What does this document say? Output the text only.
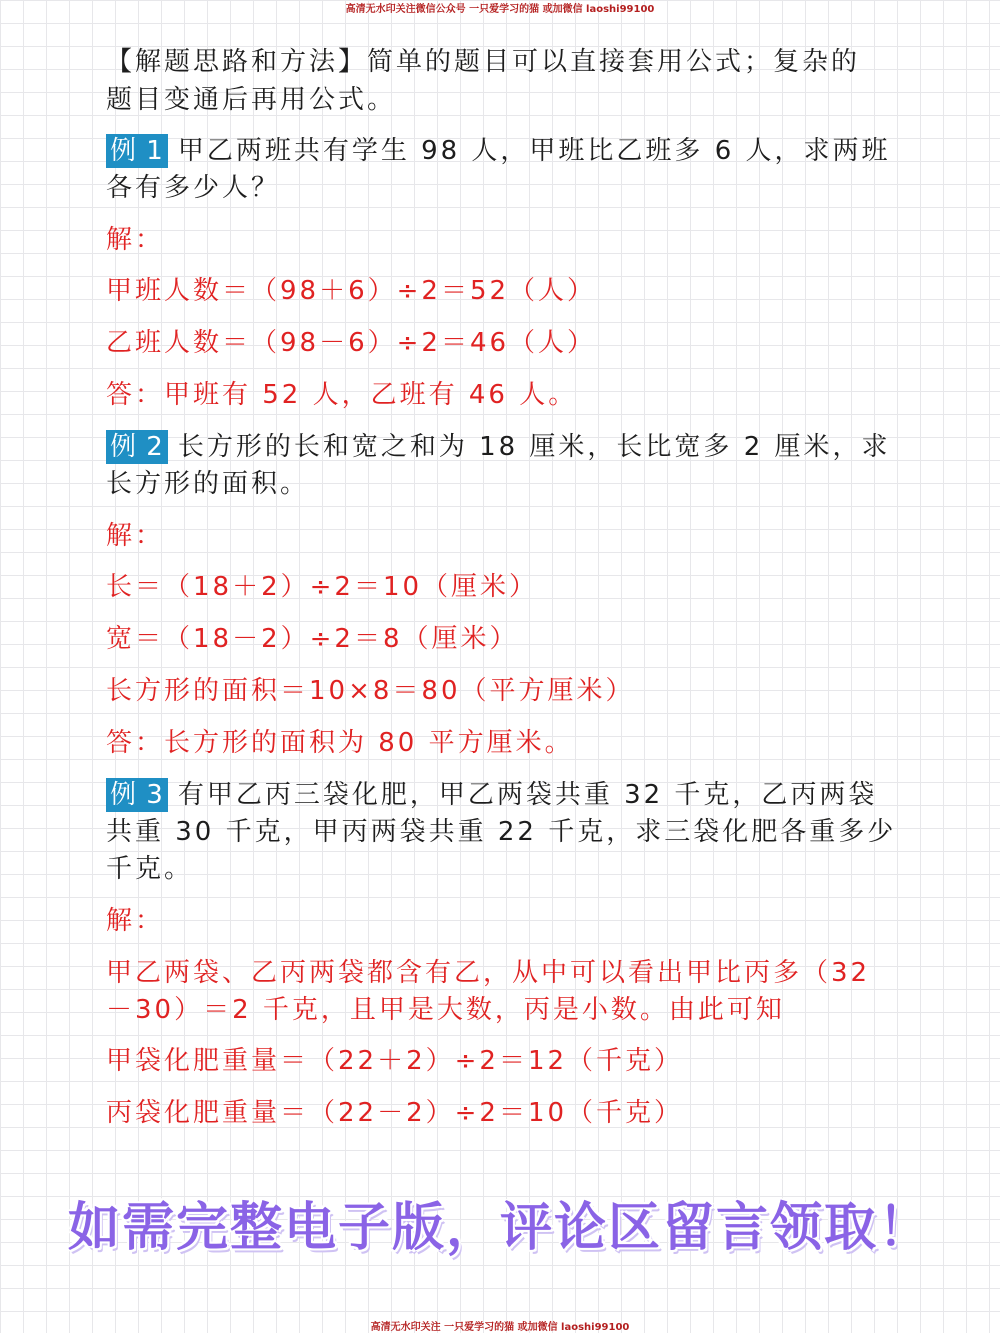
高清无水印关注微信公众号 一只爱学习的猫 或加微信 laoshi99100
【解题思路和方法】简单的题目可以直接套用公式；复杂的
题目变通后再用公式。
例 1 甲乙两班共有学生 98 人，甲班比乙班多 6 人，求两班
各有多少人？
解：
甲班人数＝（98＋6）÷2＝52（人）
乙班人数＝（98－6）÷2＝46（人）
答：甲班有 52 人，乙班有 46 人。
例 2 长方形的长和宽之和为 18 厘米，长比宽多 2 厘米，求
长方形的面积。
解：
长＝（18＋2）÷2＝10（厘米）
宽＝（18－2）÷2＝8（厘米）
长方形的面积＝10×8＝80（平方厘米）
答：长方形的面积为 80 平方厘米。
例 3 有甲乙丙三袋化肥，甲乙两袋共重 32 千克，乙丙两袋
共重 30 千克，甲丙两袋共重 22 千克，求三袋化肥各重多少
千克。
解：
甲乙两袋、乙丙两袋都含有乙，从中可以看出甲比丙多（32
－30）＝2 千克，且甲是大数，丙是小数。由此可知
甲袋化肥重量＝（22＋2）÷2＝12（千克）
丙袋化肥重量＝（22－2）÷2＝10（千克）
如需完整电子版，评论区留言领取！
高清无水印关注 一只爱学习的猫 或加微信 laoshi99100
